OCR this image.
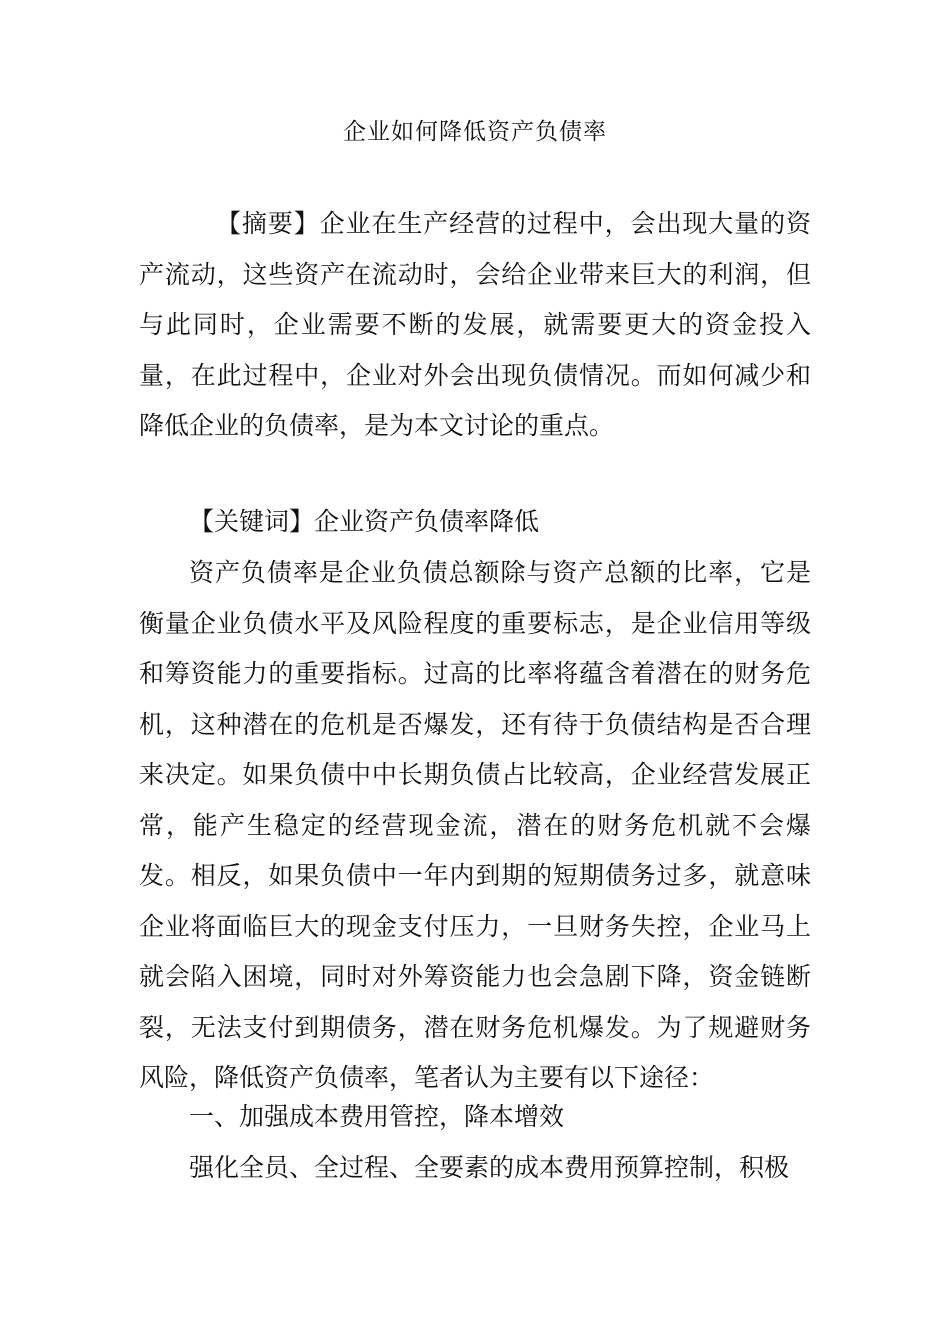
企业如何降低资产负债率

【摘要】企业在生产经营的过程中，会出现大量的资产流动，这些资产在流动时，会给企业带来巨大的利润，但与此同时，企业需要不断的发展，就需要更大的资金投入量，在此过程中，企业对外会出现负债情况。而如何减少和降低企业的负债率，是为本文讨论的重点。

【关键词】企业资产负债率降低

资产负债率是企业负债总额除与资产总额的比率，它是衡量企业负债水平及风险程度的重要标志，是企业信用等级和筹资能力的重要指标。过高的比率将蕴含着潜在的财务危机，这种潜在的危机是否爆发，还有待于负债结构是否合理来决定。如果负债中中长期负债占比较高，企业经营发展正常，能产生稳定的经营现金流，潜在的财务危机就不会爆发。相反，如果负债中一年内到期的短期债务过多，就意味企业将面临巨大的现金支付压力，一旦财务失控，企业马上就会陷入困境，同时对外筹资能力也会急剧下降，资金链断裂，无法支付到期债务，潜在财务危机爆发。为了规避财务风险，降低资产负债率，笔者认为主要有以下途径：

一、加强成本费用管控，降本增效

强化全员、全过程、全要素的成本费用预算控制，积极
